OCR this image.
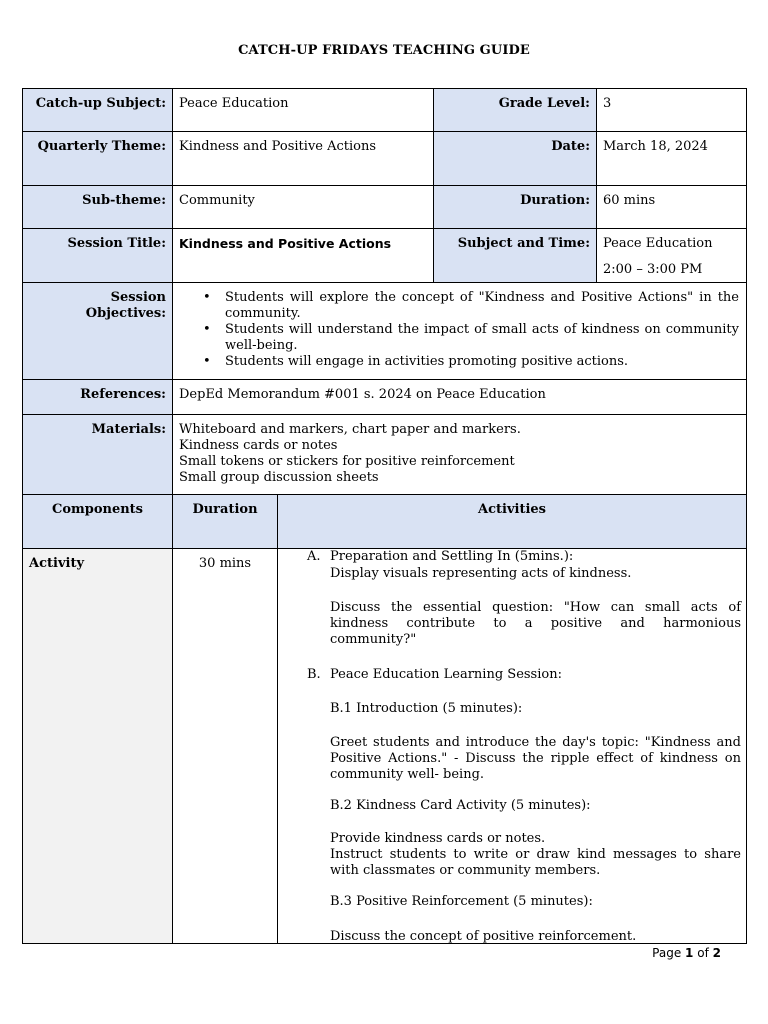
CATCH-UP FRIDAYS TEACHING GUIDE
Catch-up Subject:	Peace Education	Grade Level:	3
Quarterly Theme:	Kindness and Positive Actions	Date:	March 18, 2024
Sub-theme:	Community	Duration:	60 mins
Session Title:	Kindness and Positive Actions	Subject and Time:	Peace Education
2:00 – 3:00 PM
Session
Objectives:
• Students will explore the concept of "Kindness and Positive Actions" in the community.
• Students will understand the impact of small acts of kindness on community well-being.
• Students will engage in activities promoting positive actions.
References:	DepEd Memorandum #001 s. 2024 on Peace Education
Materials:	Whiteboard and markers, chart paper and markers.
Kindness cards or notes
Small tokens or stickers for positive reinforcement
Small group discussion sheets
Components	Duration	Activities
Activity	30 mins	A. Preparation and Settling In (5mins.):
Display visuals representing acts of kindness.
Discuss the essential question: "How can small acts of kindness contribute to a positive and harmonious community?"
B. Peace Education Learning Session:
B.1 Introduction (5 minutes):
Greet students and introduce the day's topic: "Kindness and Positive Actions." - Discuss the ripple effect of kindness on community well- being.
B.2 Kindness Card Activity (5 minutes):
Provide kindness cards or notes.
Instruct students to write or draw kind messages to share with classmates or community members.
B.3 Positive Reinforcement (5 minutes):
Discuss the concept of positive reinforcement.
Page 1 of 2
